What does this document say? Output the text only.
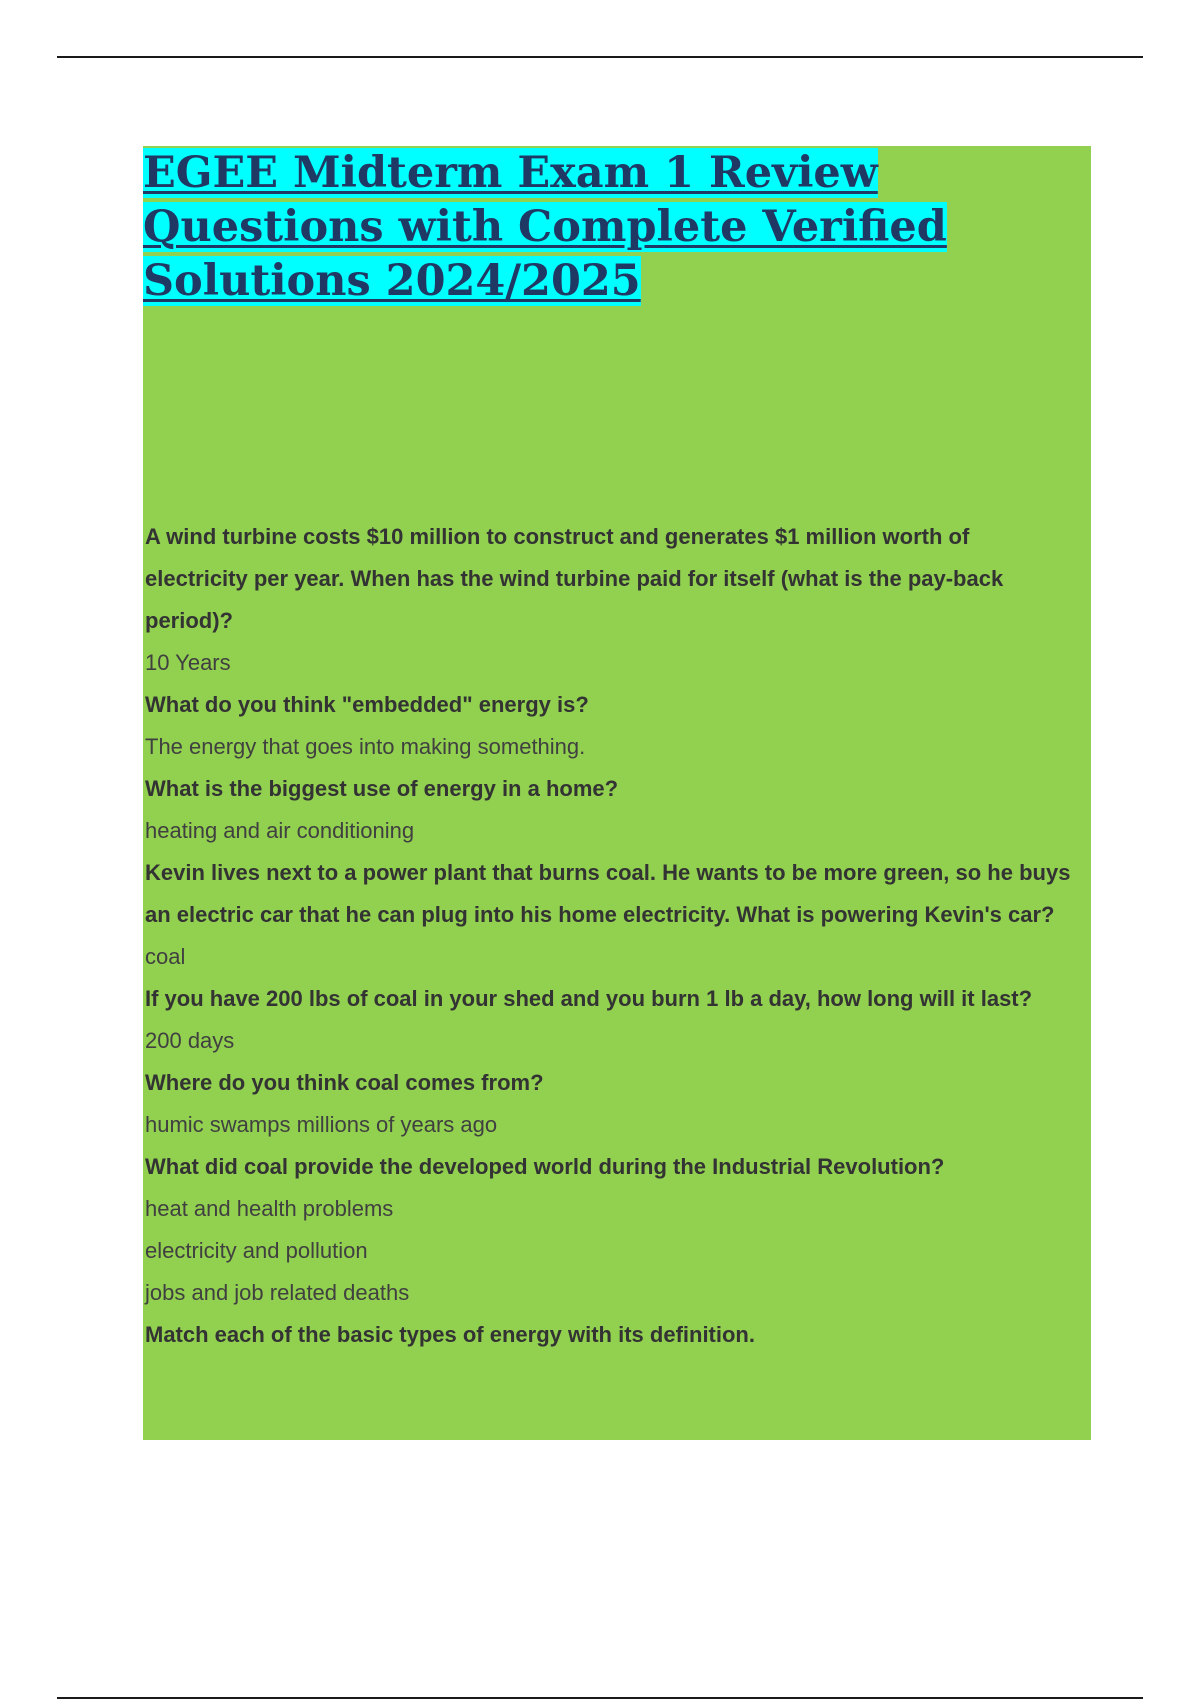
EGEE Midterm Exam 1 Review Questions with Complete Verified Solutions 2024/2025
A wind turbine costs $10 million to construct and generates $1 million worth of electricity per year. When has the wind turbine paid for itself (what is the pay-back period)?
10 Years
What do you think "embedded" energy is?
The energy that goes into making something.
What is the biggest use of energy in a home?
heating and air conditioning
Kevin lives next to a power plant that burns coal. He wants to be more green, so he buys an electric car that he can plug into his home electricity. What is powering Kevin's car?
coal
If you have 200 lbs of coal in your shed and you burn 1 lb a day, how long will it last?
200 days
Where do you think coal comes from?
humic swamps millions of years ago
What did coal provide the developed world during the Industrial Revolution?
heat and health problems
electricity and pollution
jobs and job related deaths
Match each of the basic types of energy with its definition.
